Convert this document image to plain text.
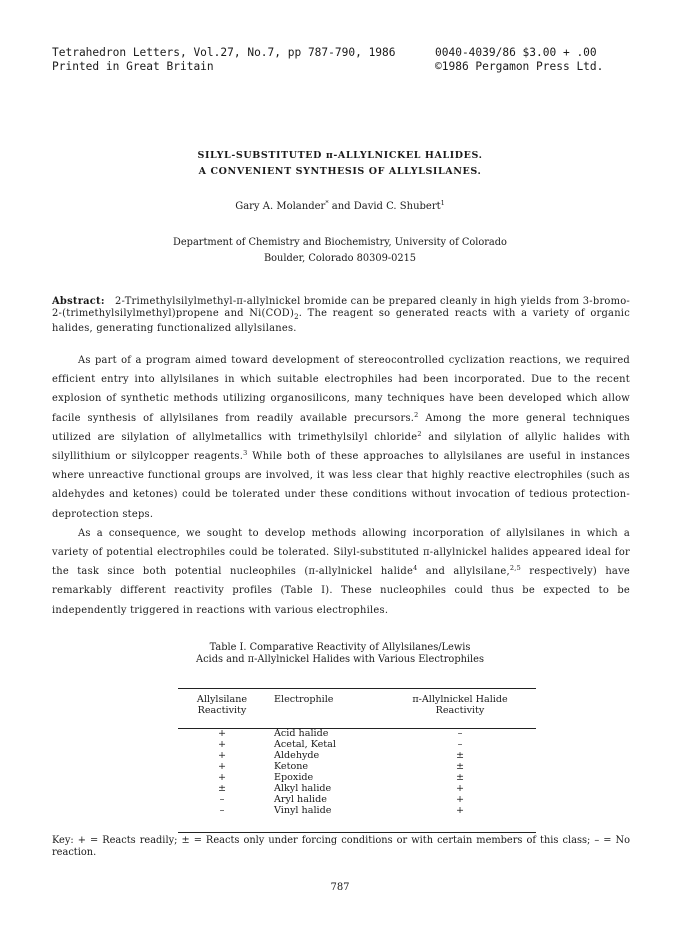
Tetrahedron Letters, Vol.27, No.7, pp 787-790, 1986
Printed in Great Britain
0040-4039/86 $3.00 + .00
©1986 Pergamon Press Ltd.
SILYL-SUBSTITUTED π-ALLYLNICKEL HALIDES.
A CONVENIENT SYNTHESIS OF ALLYLSILANES.
Gary A. Molander* and David C. Shubert$^1$
Department of Chemistry and Biochemistry, University of Colorado
Boulder, Colorado 80309-0215
Abstract: 2-Trimethylsilylmethyl-π-allylnickel bromide can be prepared cleanly in high yields from 3-bromo-2-(trimethylsilylmethyl)propene and $Ni(COD)_2$. The reagent so generated reacts with a variety of organic halides, generating functionalized allylsilanes.

As part of a program aimed toward development of stereocontrolled cyclization reactions, we required efficient entry into allylsilanes in which suitable electrophiles had been incorporated. Due to the recent explosion of synthetic methods utilizing organosilicons, many techniques have been developed which allow facile synthesis of allylsilanes from readily available precursors.$^2$ Among the more general techniques utilized are silylation of allylmetallics with trimethylsilyl chloride$^2$ and silylation of allylic halides with silyllithium or silylcopper reagents.$^3$ While both of these approaches to allylsilanes are useful in instances where unreactive functional groups are involved, it was less clear that highly reactive electrophiles (such as aldehydes and ketones) could be tolerated under these conditions without invocation of tedious protection-deprotection steps.

As a consequence, we sought to develop methods allowing incorporation of allylsilanes in which a variety of potential electrophiles could be tolerated. Silyl-substituted π-allylnickel halides appeared ideal for the task since both potential nucleophiles (π-allylnickel halide$^4$ and allylsilane,$^{2,5}$ respectively) have remarkably different reactivity profiles (Table I). These nucleophiles could thus be expected to be independently triggered in reactions with various electrophiles.

Table I. Comparative Reactivity of Allylsilanes/Lewis
Acids and π-Allylnickel Halides with Various Electrophiles
Allylsilane
Reactivity	Electrophile	π-Allylnickel Halide
Reactivity

+	Acid halide	–
+	Acetal, Ketal	–
+	Aldehyde	±
+	Ketone	±
+	Epoxide	±
±	Alkyl halide	+
–	Aryl halide	+
–	Vinyl halide	+
Key: + = Reacts readily; ± = Reacts only under forcing conditions or with certain members of this class; – = No reaction.
787
